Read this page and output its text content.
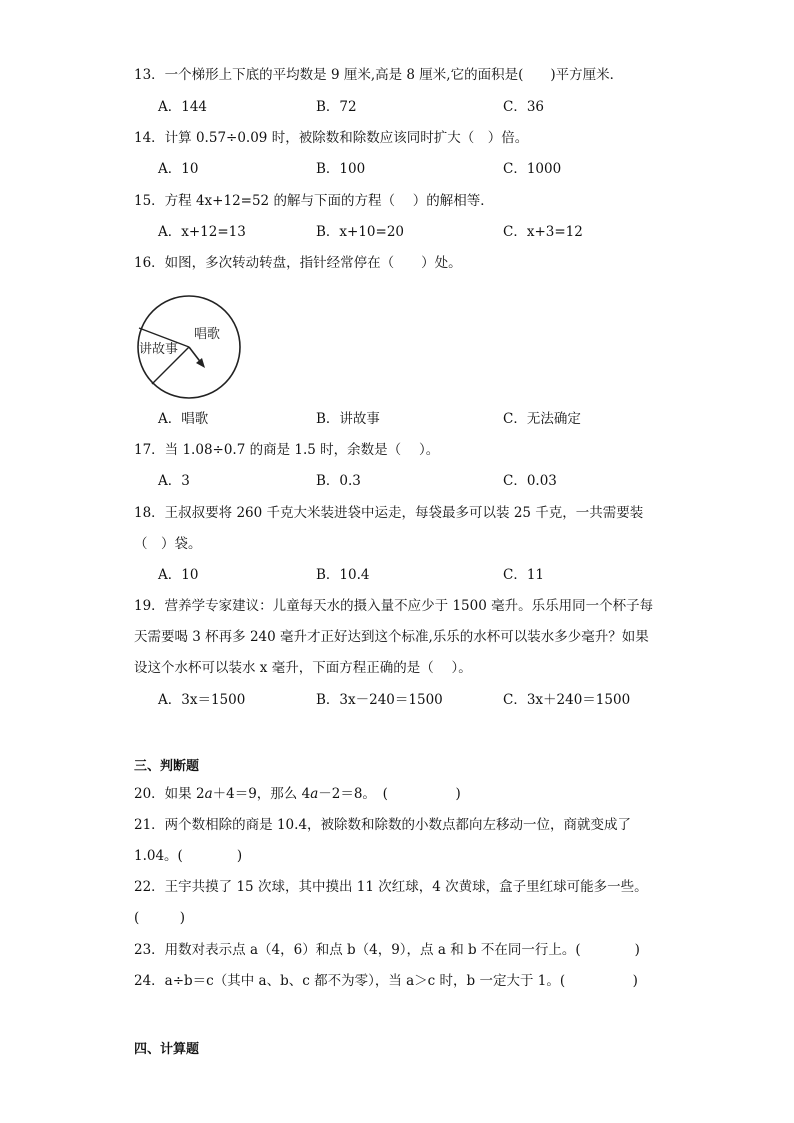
13．一个梯形上下底的平均数是 9 厘米,高是 8 厘米,它的面积是(　　)平方厘米．
A．144	B．72	C．36
14．计算 0.57÷0.09 时，被除数和除数应该同时扩大（　）倍。
A．10	B．100	C．1000
15．方程 4x+12=52 的解与下面的方程（　 ）的解相等．
A．x+12=13	B．x+10=20	C．x+3=12
16．如图，多次转动转盘，指针经常停在（　　）处。
唱歌
讲故事
A．唱歌	B．讲故事	C．无法确定
17．当 1.08÷0.7 的商是 1.5 时，余数是（　 ）。
A．3	B．0.3	C．0.03
18．王叔叔要将 260 千克大米装进袋中运走，每袋最多可以装 25 千克，一共需要装
（　）袋。
A．10	B．10.4	C．11
19．营养学专家建议：儿童每天水的摄入量不应少于 1500 毫升。乐乐用同一个杯子每
天需要喝 3 杯再多 240 毫升才正好达到这个标准,乐乐的水杯可以装水多少毫升？如果
设这个水杯可以装水 x 毫升，下面方程正确的是（　 ）。
A．3x＝1500	B．3x－240＝1500	C．3x＋240＝1500
三、判断题
20．如果 2a＋4＝9，那么 4a－2＝8。　(　　　　　)
21．两个数相除的商是 10.4，被除数和除数的小数点都向左移动一位，商就变成了
1.04。(　　　　)
22．王宇共摸了 15 次球，其中摸出 11 次红球，4 次黄球，盒子里红球可能多一些。
(　　　)
23．用数对表示点 a（4，6）和点 b（4，9），点 a 和 b 不在同一行上。(　　　　)
24．a÷b＝c（其中 a、b、c 都不为零），当 a＞c 时，b 一定大于 1。(　　　　　)
四、计算题
